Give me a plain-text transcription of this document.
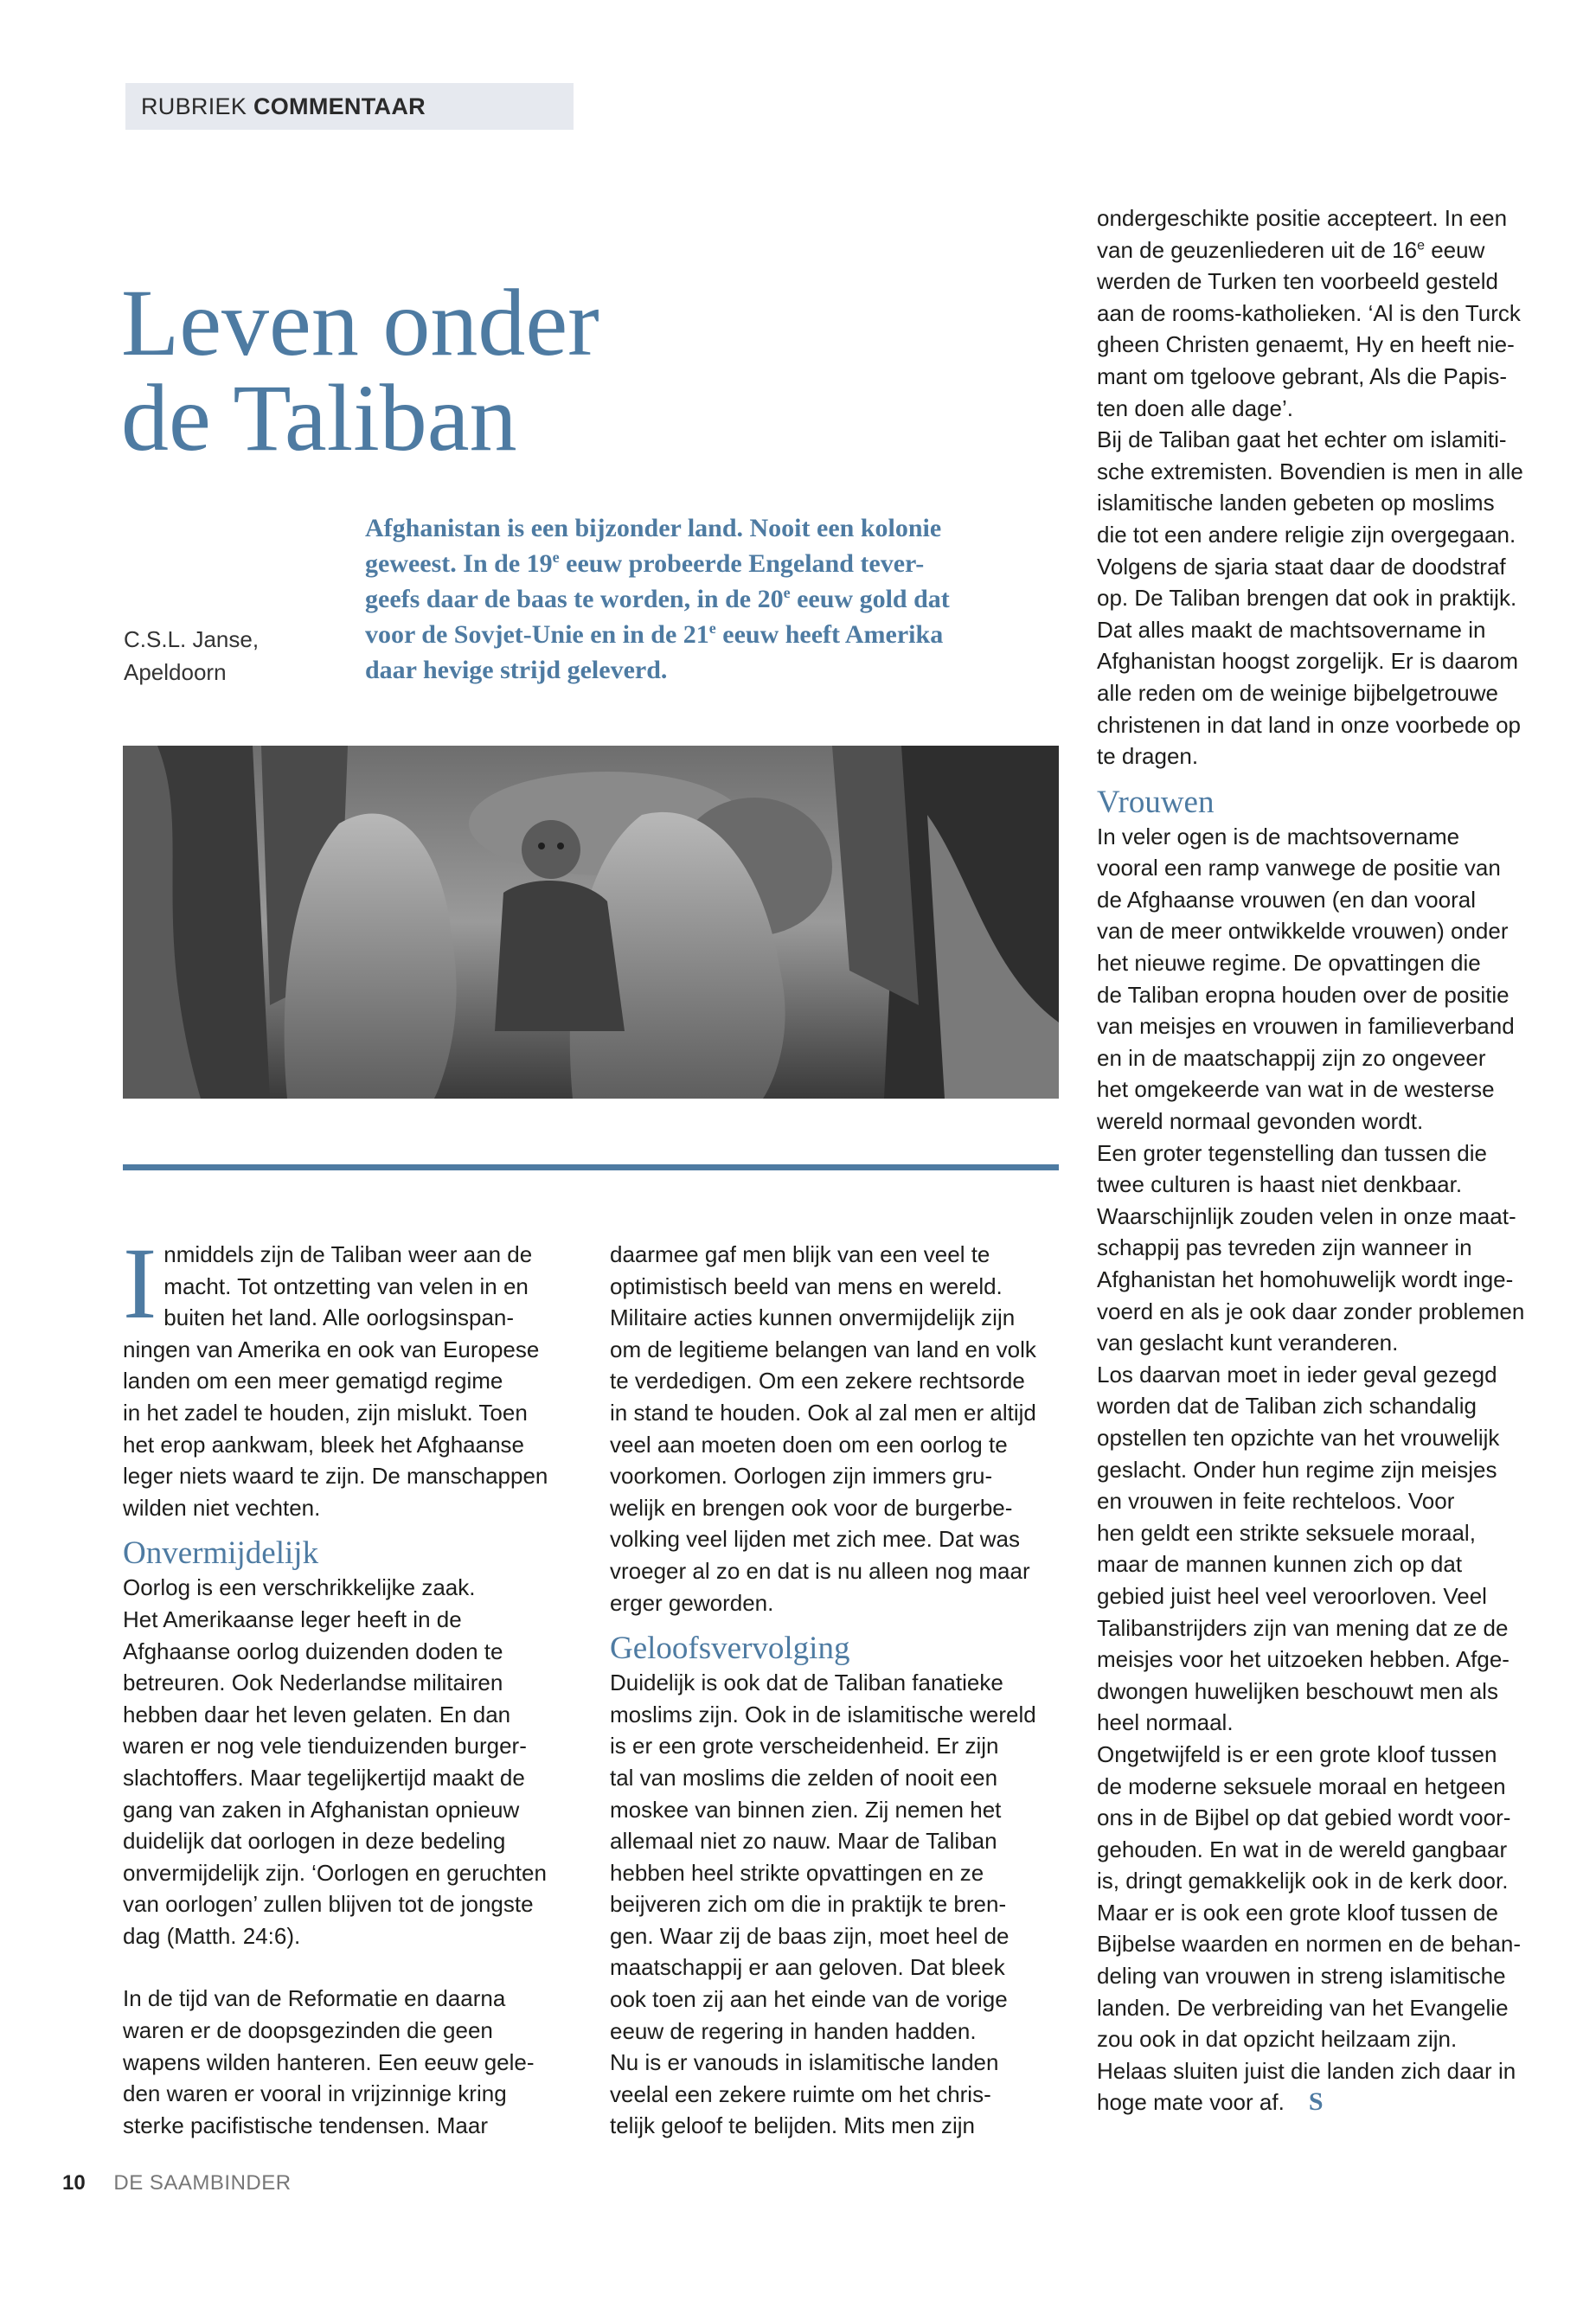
RUBRIEK COMMENTAAR
Leven onder
de Taliban
C.S.L. Janse,
Apeldoorn
Afghanistan is een bijzonder land. Nooit een kolonie
geweest. In de 19e eeuw probeerde Engeland tever-
geefs daar de baas te worden, in de 20e eeuw gold dat
voor de Sovjet-Unie en in de 21e eeuw heeft Amerika
daar hevige strijd geleverd.

I nmiddels zijn de Taliban weer aan de
macht. Tot ontzetting van velen in en
buiten het land. Alle oorlogsinspan-
ningen van Amerika en ook van Europese
landen om een meer gematigd regime
in het zadel te houden, zijn mislukt. Toen
het erop aankwam, bleek het Afghaanse
leger niets waard te zijn. De manschappen
wilden niet vechten.

Onvermijdelijk

Oorlog is een verschrikkelijke zaak.
Het Amerikaanse leger heeft in de
Afghaanse oorlog duizenden doden te
betreuren. Ook Nederlandse militairen
hebben daar het leven gelaten. En dan
waren er nog vele tienduizenden burger-
slachtoffers. Maar tegelijkertijd maakt de
gang van zaken in Afghanistan opnieuw
duidelijk dat oorlogen in deze bedeling
onvermijdelijk zijn. ‘Oorlogen en geruchten
van oorlogen’ zullen blijven tot de jongste
dag (Matth. 24:6).

In de tijd van de Reformatie en daarna
waren er de doopsgezinden die geen
wapens wilden hanteren. Een eeuw gele-
den waren er vooral in vrijzinnige kring
sterke pacifistische tendensen. Maar

daarmee gaf men blijk van een veel te
optimistisch beeld van mens en wereld.
Militaire acties kunnen onvermijdelijk zijn
om de legitieme belangen van land en volk
te verdedigen. Om een zekere rechtsorde
in stand te houden. Ook al zal men er altijd
veel aan moeten doen om een oorlog te
voorkomen. Oorlogen zijn immers gru-
welijk en brengen ook voor de burgerbe-
volking veel lijden met zich mee. Dat was
vroeger al zo en dat is nu alleen nog maar
erger geworden.

Geloofsvervolging

Duidelijk is ook dat de Taliban fanatieke
moslims zijn. Ook in de islamitische wereld
is er een grote verscheidenheid. Er zijn
tal van moslims die zelden of nooit een
moskee van binnen zien. Zij nemen het
allemaal niet zo nauw. Maar de Taliban
hebben heel strikte opvattingen en ze
beijveren zich om die in praktijk te bren-
gen. Waar zij de baas zijn, moet heel de
maatschappij er aan geloven. Dat bleek
ook toen zij aan het einde van de vorige
eeuw de regering in handen hadden.
Nu is er vanouds in islamitische landen
veelal een zekere ruimte om het chris-
telijk geloof te belijden. Mits men zijn

ondergeschikte positie accepteert. In een
van de geuzenliederen uit de 16e eeuw
werden de Turken ten voorbeeld gesteld
aan de rooms-katholieken. ‘Al is den Turck
gheen Christen genaemt, Hy en heeft nie-
mant om tgeloove gebrant, Als die Papis-
ten doen alle dage’.

Bij de Taliban gaat het echter om islamiti-
sche extremisten. Bovendien is men in alle
islamitische landen gebeten op moslims
die tot een andere religie zijn overgegaan.
Volgens de sjaria staat daar de doodstraf
op. De Taliban brengen dat ook in praktijk.
Dat alles maakt de machtsovername in
Afghanistan hoogst zorgelijk. Er is daarom
alle reden om de weinige bijbelgetrouwe
christenen in dat land in onze voorbede op
te dragen.

Vrouwen

In veler ogen is de machtsovername
vooral een ramp vanwege de positie van
de Afghaanse vrouwen (en dan vooral
van de meer ontwikkelde vrouwen) onder
het nieuwe regime. De opvattingen die
de Taliban eropna houden over de positie
van meisjes en vrouwen in familieverband
en in de maatschappij zijn zo ongeveer
het omgekeerde van wat in de westerse
wereld normaal gevonden wordt.

Een groter tegenstelling dan tussen die
twee culturen is haast niet denkbaar.
Waarschijnlijk zouden velen in onze maat-
schappij pas tevreden zijn wanneer in
Afghanistan het homohuwelijk wordt inge-
voerd en als je ook daar zonder problemen
van geslacht kunt veranderen.

Los daarvan moet in ieder geval gezegd
worden dat de Taliban zich schandalig
opstellen ten opzichte van het vrouwelijk
geslacht. Onder hun regime zijn meisjes
en vrouwen in feite rechteloos. Voor
hen geldt een strikte seksuele moraal,
maar de mannen kunnen zich op dat
gebied juist heel veel veroorloven. Veel
Talibanstrijders zijn van mening dat ze de
meisjes voor het uitzoeken hebben. Afge-
dwongen huwelijken beschouwt men als
heel normaal.

Ongetwijfeld is er een grote kloof tussen
de moderne seksuele moraal en hetgeen
ons in de Bijbel op dat gebied wordt voor-
gehouden. En wat in de wereld gangbaar
is, dringt gemakkelijk ook in de kerk door.
Maar er is ook een grote kloof tussen de
Bijbelse waarden en normen en de behan-
deling van vrouwen in streng islamitische
landen. De verbreiding van het Evangelie
zou ook in dat opzicht heilzaam zijn.
Helaas sluiten juist die landen zich daar in
hoge mate voor af. S

10 DE SAAMBINDER
